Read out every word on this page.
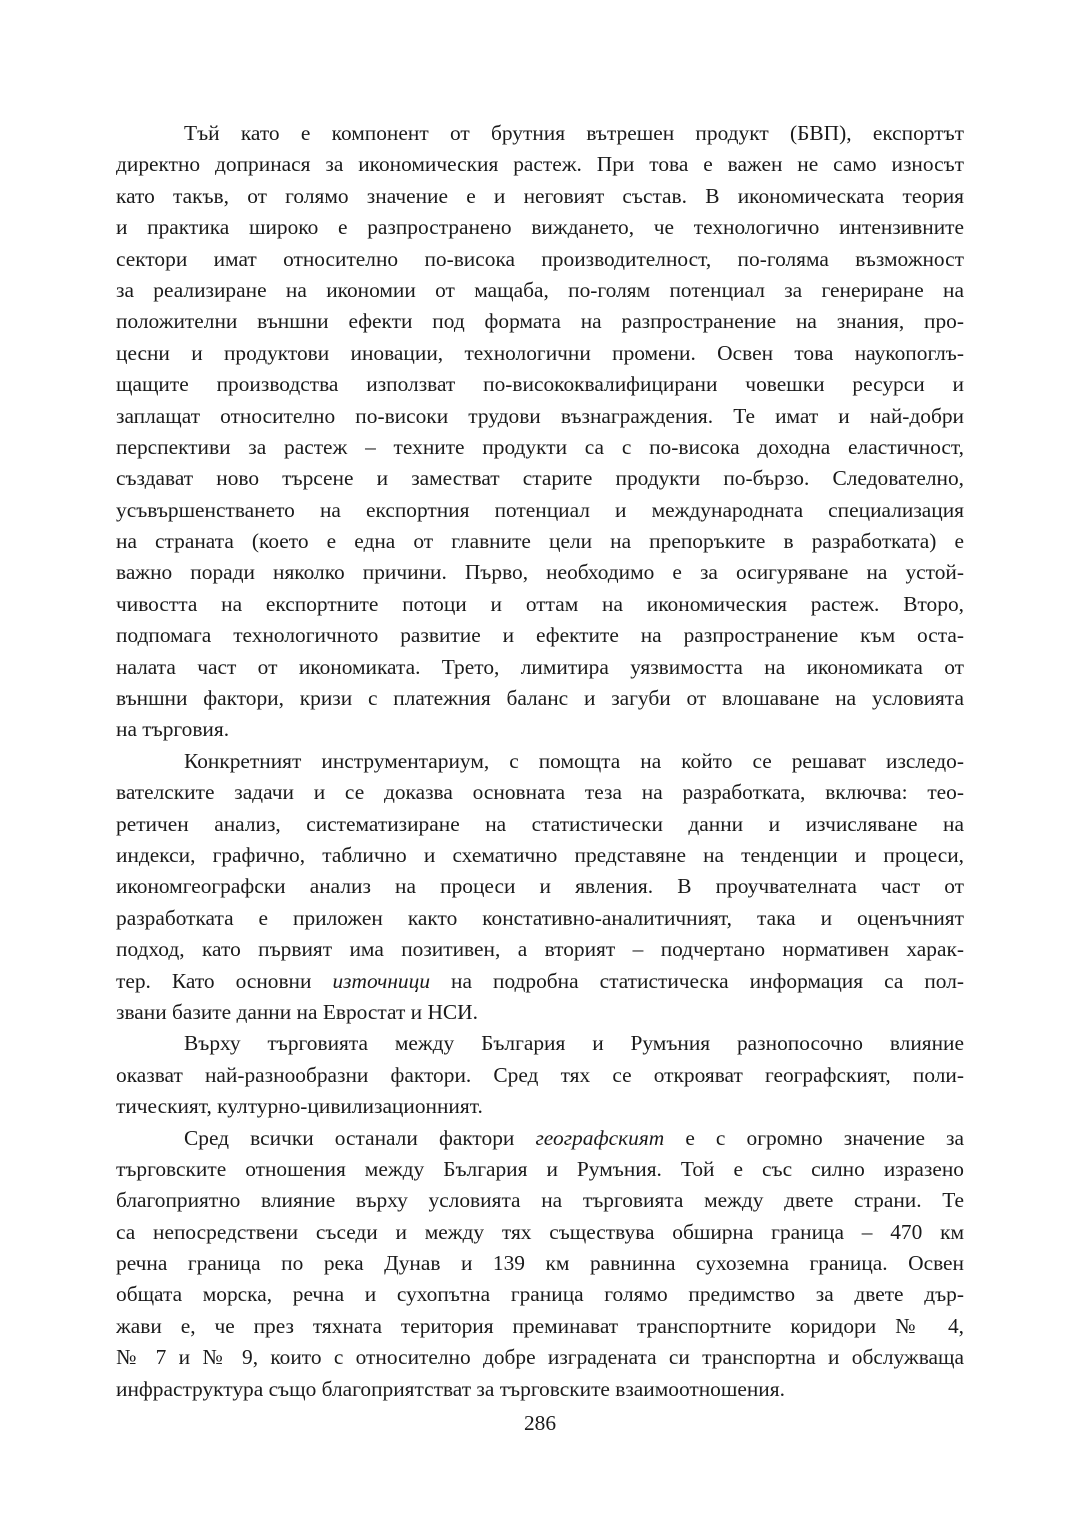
Тъй като е компонент от брутния вътрешен продукт (БВП), експортът
директно допринася за икономическия растеж. При това е важен не само износът
като такъв, от голямо значение е и неговият състав. В икономическата теория
и практика широко е разпространено виждането, че технологично интензивните
сектори имат относително по-висока производителност, по-голяма възможност
за реализиране на икономии от мащаба, по-голям потенциал за генериране на
положителни външни ефекти под формата на разпространение на знания, про-
цесни и продуктови иновации, технологични промени. Освен това наукопоглъ-
щащите производства използват по-висококвалифицирани човешки ресурси и
заплащат относително по-високи трудови възнаграждения. Те имат и най-добри
перспективи за растеж – техните продукти са с по-висока доходна еластичност,
създават ново търсене и заместват старите продукти по-бързо. Следователно,
усъвършенстването на експортния потенциал и международната специализация
на страната (което е една от главните цели на препоръките в разработката) е
важно поради няколко причини. Първо, необходимо е за осигуряване на устой-
чивостта на експортните потоци и оттам на икономическия растеж. Второ,
подпомага технологичното развитие и ефектите на разпространение към оста-
налата част от икономиката. Трето, лимитира уязвимостта на икономиката от
външни фактори, кризи с платежния баланс и загуби от влошаване на условията
на търговия.
Конкретният инструментариум, с помощта на който се решават изследо-
вателските задачи и се доказва основната теза на разработката, включва: тео-
ретичен анализ, систематизиране на статистически данни и изчисляване на
индекси, графично, таблично и схематично представяне на тенденции и процеси,
икономгеографски анализ на процеси и явления. В проучвателната част от
разработката е приложен както констативно-аналитичният, така и оценъчният
подход, като първият има позитивен, а вторият – подчертано нормативен харак-
тер. Като основни източници на подробна статистическа информация са пол-
звани базите данни на Евростат и НСИ.
Върху търговията между България и Румъния разнопосочно влияние
оказват най-разнообразни фактори. Сред тях се открояват географският, поли-
тическият, културно-цивилизационният.
Сред всички останали фактори географският е с огромно значение за
търговските отношения между България и Румъния. Той е със силно изразено
благоприятно влияние върху условията на търговията между двете страни. Те
са непосредствени съседи и между тях съществува обширна граница – 470 км
речна граница по река Дунав и 139 км равнинна сухоземна граница. Освен
общата морска, речна и сухопътна граница голямо предимство за двете дър-
жави е, че през тяхната територия преминават транспортните коридори № 4,
№ 7 и № 9, които с относително добре изградената си транспортна и обслужваща
инфраструктура също благоприятстват за търговските взаимоотношения.
286
